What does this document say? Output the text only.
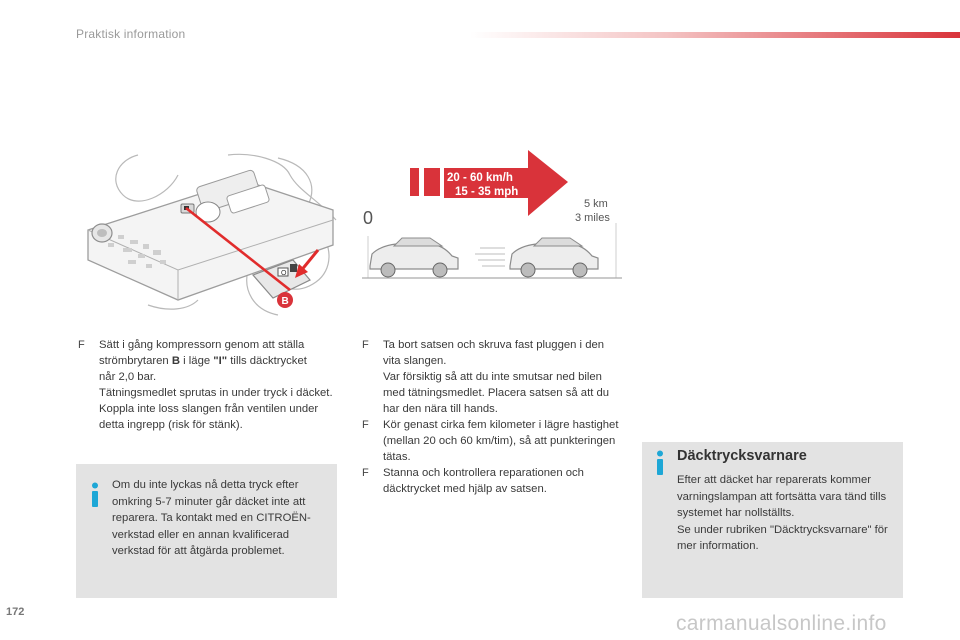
Praktisk information
O
B
20 - 60 km/h
15 - 35 mph
0
5 km
3 miles
F Sätt i gång kompressorn genom att ställa
strömbrytaren B i läge "I" tills däcktrycket
når 2,0 bar.

Tätningsmedlet sprutas in under tryck i däcket. Koppla inte loss slangen från ventilen under detta ingrepp (risk för stänk).

F Ta bort satsen och skruva fast pluggen i den vita slangen.

Var försiktig så att du inte smutsar ned bilen med tätningsmedlet. Placera satsen så att du har den nära till hands.

F Kör genast cirka fem kilometer i lägre hastighet (mellan 20 och 60 km/tim), så att punkteringen tätas.

F Stanna och kontrollera reparationen och däcktrycket med hjälp av satsen.

Om du inte lyckas nå detta tryck efter omkring 5-7 minuter går däcket inte att reparera. Ta kontakt med en CITROËN-verkstad eller en annan kvalificerad verkstad för att åtgärda problemet.
Däcktrycksvarnare

Efter att däcket har reparerats kommer varningslampan att fortsätta vara tänd tills systemet har nollställts.

Se under rubriken "Däcktrycksvarnare" för mer information.

172	carmanualsonline.info
